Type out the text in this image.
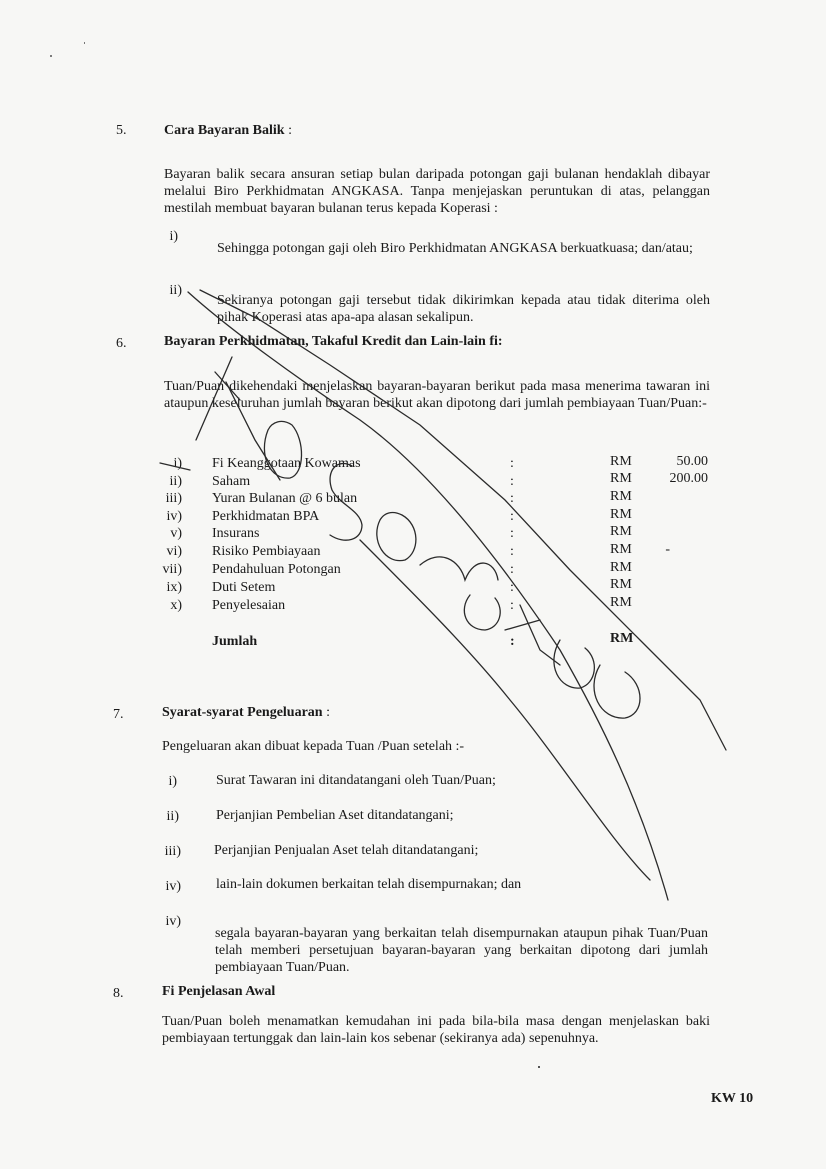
5.	Cara Bayaran Balik :

Bayaran balik secara ansuran setiap bulan daripada potongan gaji bulanan hendaklah dibayar melalui Biro Perkhidmatan ANGKASA. Tanpa menjejaskan peruntukan di atas, pelanggan mestilah membuat bayaran bulanan terus kepada Koperasi :

i)

Sehingga potongan gaji oleh Biro Perkhidmatan ANGKASA berkuatkuasa; dan/atau;

ii)

Sekiranya potongan gaji tersebut tidak dikirimkan kepada atau tidak diterima oleh pihak Koperasi atas apa-apa alasan sekalipun.

6.	Bayaran Perkhidmatan, Takaful Kredit dan Lain-lain fi:

Tuan/Puan dikehendaki menjelaskan bayaran-bayaran berikut pada masa menerima tawaran ini ataupun keseluruhan jumlah bayaran berikut akan dipotong dari jumlah pembiayaan Tuan/Puan:-

i) Fi Keanggotaan Kowamas	:	RM	50.00
ii) Saham	:	RM	200.00
iii) Yuran Bulanan @ 6 bulan	:	RM
iv) Perkhidmatan BPA	:	RM
v) Insurans	:	RM
vi) Risiko Pembiayaan	:	RM	-
vii) Pendahuluan Potongan	:	RM
ix) Duti Setem	:	RM
x) Penyelesaian	:	RM
Jumlah	:	RM
7.	Syarat-syarat Pengeluaran :
Pengeluaran akan dibuat kepada Tuan /Puan setelah :-
i)	Surat Tawaran ini ditandatangani oleh Tuan/Puan;
ii)	Perjanjian Pembelian Aset ditandatangani;
iii) Perjanjian Penjualan Aset telah ditandatangani;
iv)	lain-lain dokumen berkaitan telah disempurnakan; dan
iv)

segala bayaran-bayaran yang berkaitan telah disempurnakan ataupun pihak Tuan/Puan telah memberi persetujuan bayaran-bayaran yang berkaitan dipotong dari jumlah pembiayaan Tuan/Puan.

8.	Fi Penjelasan Awal

Tuan/Puan boleh menamatkan kemudahan ini pada bila-bila masa dengan menjelaskan baki pembiayaan tertunggak dan lain-lain kos sebenar (sekiranya ada) sepenuhnya.

KW 10
